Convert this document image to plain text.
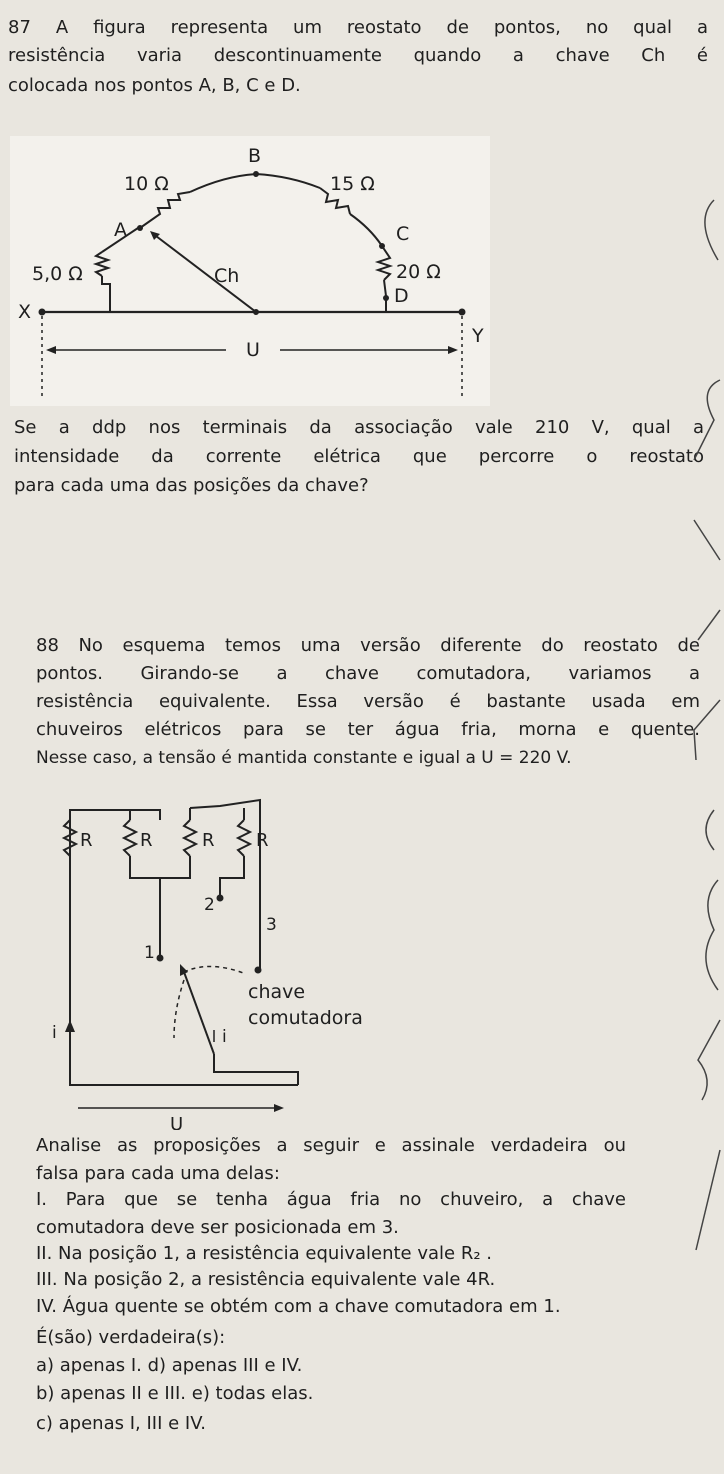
87 A figura representa um reostato de pontos, no qual a
resistência varia descontinuamente quando a chave Ch é
colocada nos pontos A, B, C e D.
5,0 Ω
10 Ω	15 Ω
20 Ω
A
B
C
D
Ch
X
Y
U
Se a ddp nos terminais da associação vale 210 V, qual a
intensidade da corrente elétrica que percorre o reostato
para cada uma das posições da chave?
88 No esquema temos uma versão diferente do reostato de
pontos. Girando-se a chave comutadora, variamos a
resistência equivalente. Essa versão é bastante usada em
chuveiros elétricos para se ter água fria, morna e quente.
Nesse caso, a tensão é mantida constante e igual a U = 220 V.
R	R	R R
1
2
3
chave
comutadora
i	i
U
Analise as proposições a seguir e assinale verdadeira ou
falsa para cada uma delas:
I. Para que se tenha água fria no chuveiro, a chave
comutadora deve ser posicionada em 3.
II. Na posição 1, a resistência equivalente vale R₂ .
III. Na posição 2, a resistência equivalente vale 4R.
IV. Água quente se obtém com a chave comutadora em 1.
É(são) verdadeira(s):
a) apenas I. d) apenas III e IV.
b) apenas II e III. e) todas elas.
c) apenas I, III e IV.
